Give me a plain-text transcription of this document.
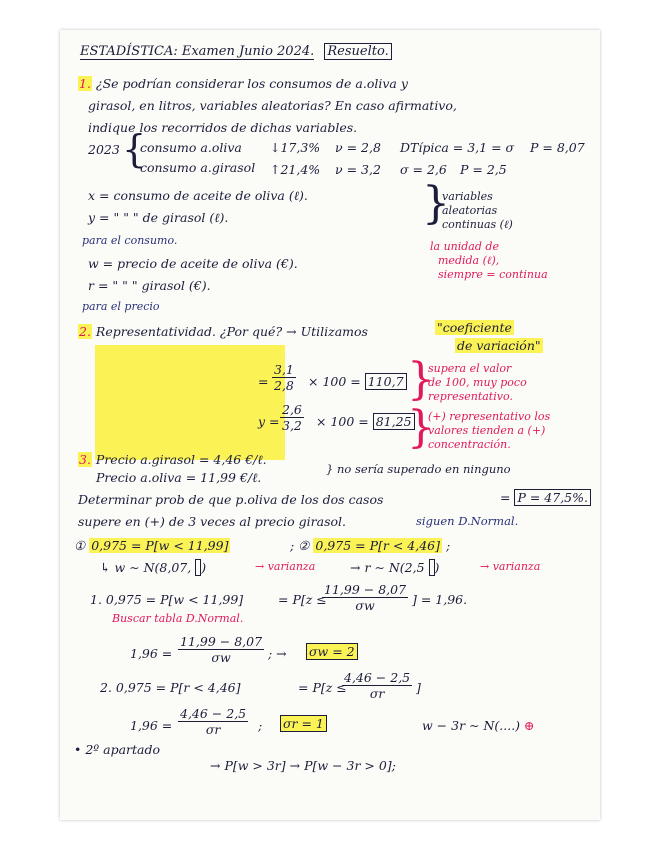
ESTADÍSTICA: Examen Junio 2024. Resuelto.
1. ¿Se podrían considerar los consumos de a.oliva y
girasol, en litros, variables aleatorias? En caso afirmativo,
indique los recorridos de dichas variables.
2023 {
consumo a.oliva ↓17,3% ν = 2,8 DTípica = 3,1 = σ P = 8,07
consumo a.girasol ↑21,4% ν = 3,2 σ = 2,6 P = 2,5
x = consumo de aceite de oliva (ℓ).
y = " " " de girasol (ℓ).	}
variables
aleatorias
continuas (ℓ)
para el consumo.	la unidad de
medida (ℓ),
siempre = continua
w = precio de aceite de oliva (€).
r = " " " girasol (€).
para el precio
2. Representatividad. ¿Por qué? → Utilizamos	"coeficiente
de variación"
= $\frac{3,1}{2,8} \times 100 = 110,7$
$y = \frac{2,6}{3,2} \times 100 = 81,25$
}
supera el valor
de 100, muy poco
representativo.
}
(+) representativo los
valores tienden a (+)
concentración.
3. Precio a.girasol = 4,46 €/ℓ.
Precio a.oliva = 11,99 €/ℓ.
} no sería superado en ninguno
Determinar prob de que p.oliva de los dos casos	= P = 47,5%.
supere en (+) de 3 veces al precio girasol.	siguen D.Normal.
① 0,975 = P[w < 11,99]	; ② 0,975 = P[r < 4,46] ;
↳ w ∼ N(8,07, )	→ varianza	→ r ∼ N(2,5 )	→ varianza
1. 0,975 = P[w < 11,99]	= P[z ≤
$\frac{11,99 - 8,07}{\sigma w}$ ] = 1,96.
Buscar tabla D.Normal.
$1,96 = \frac{11,99 - 8,07}{\sigma w}$ ; → σw = 2
2. 0,975 = P[r < 4,46]	= P[z ≤
$\frac{4,46 - 2,5}{\sigma r}$ ]
$1,96 = \frac{4,46 - 2,5}{\sigma r}$ ; σr = 1	w − 3r ∼ N(....) ⊕
• 2º apartado
→ P[w > 3r] → P[w − 3r > 0];
